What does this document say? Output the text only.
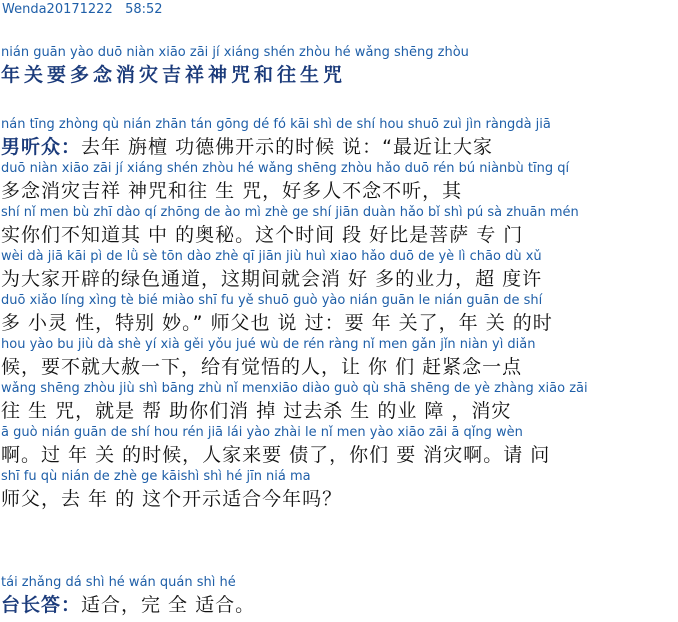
Wenda20171222   58:52
nián guān yào duō niàn xiāo zāi jí xiáng shén zhòu hé wǎng shēng zhòu
年关要多念消灾吉祥神咒和往生咒
nán tīng zhòng qù nián zhān tán gōng dé fó kāi shì de shí hou shuō zuì jìn ràngdà jiā
男听众：去年 旃檀 功德佛开示的时候 说：“最近让大家
duō niàn xiāo zāi jí xiáng shén zhòu hé wǎng shēng zhòu hǎo duō rén bú niànbù tīng qí
多念消灾吉祥 神咒和往 生 咒，好多人不念不听，其
shí nǐ men bù zhī dào qí zhōng de ào mì zhè ge shí jiān duàn hǎo bǐ shì pú sà zhuān mén
实你们不知道其 中 的奥秘。这个时间 段 好比是菩萨 专 门
wèi dà jiā kāi pì de lǜ sè tōn dào zhè qī jiān jiù huì xiao hǎo duō de yè lì chāo dù xǔ
为大家开辟的绿色通道，这期间就会消 好 多的业力，超 度许
duō xiǎo líng xìng tè bié miào shī fu yě shuō guò yào nián guān le nián guān de shí
多 小灵 性，特别 妙。” 师父也 说 过：要 年 关了，年 关 的时
hou yào bu jiù dà shè yí xià gěi yǒu jué wù de rén ràng nǐ men gǎn jǐn niàn yì diǎn
候，要不就大赦一下，给有觉悟的人，让 你 们 赶紧念一点
wǎng shēng zhòu jiù shì bāng zhù nǐ menxiāo diào guò qù shā shēng de yè zhàng xiāo zāi
往 生 咒，就是 帮 助你们消 掉 过去杀 生 的业 障 ，消灾
ā guò nián guān de shí hou rén jiā lái yào zhài le nǐ men yào xiāo zāi ā qǐng wèn
啊。过 年 关 的时候，人家来要 债了，你们 要 消灾啊。请 问
shī fu qù nián de zhè ge kāishì shì hé jīn niá ma
师父，去 年 的 这个开示适合今年吗？
tái zhǎng dá shì hé wán quán shì hé
台长答：适合，完 全 适合。
